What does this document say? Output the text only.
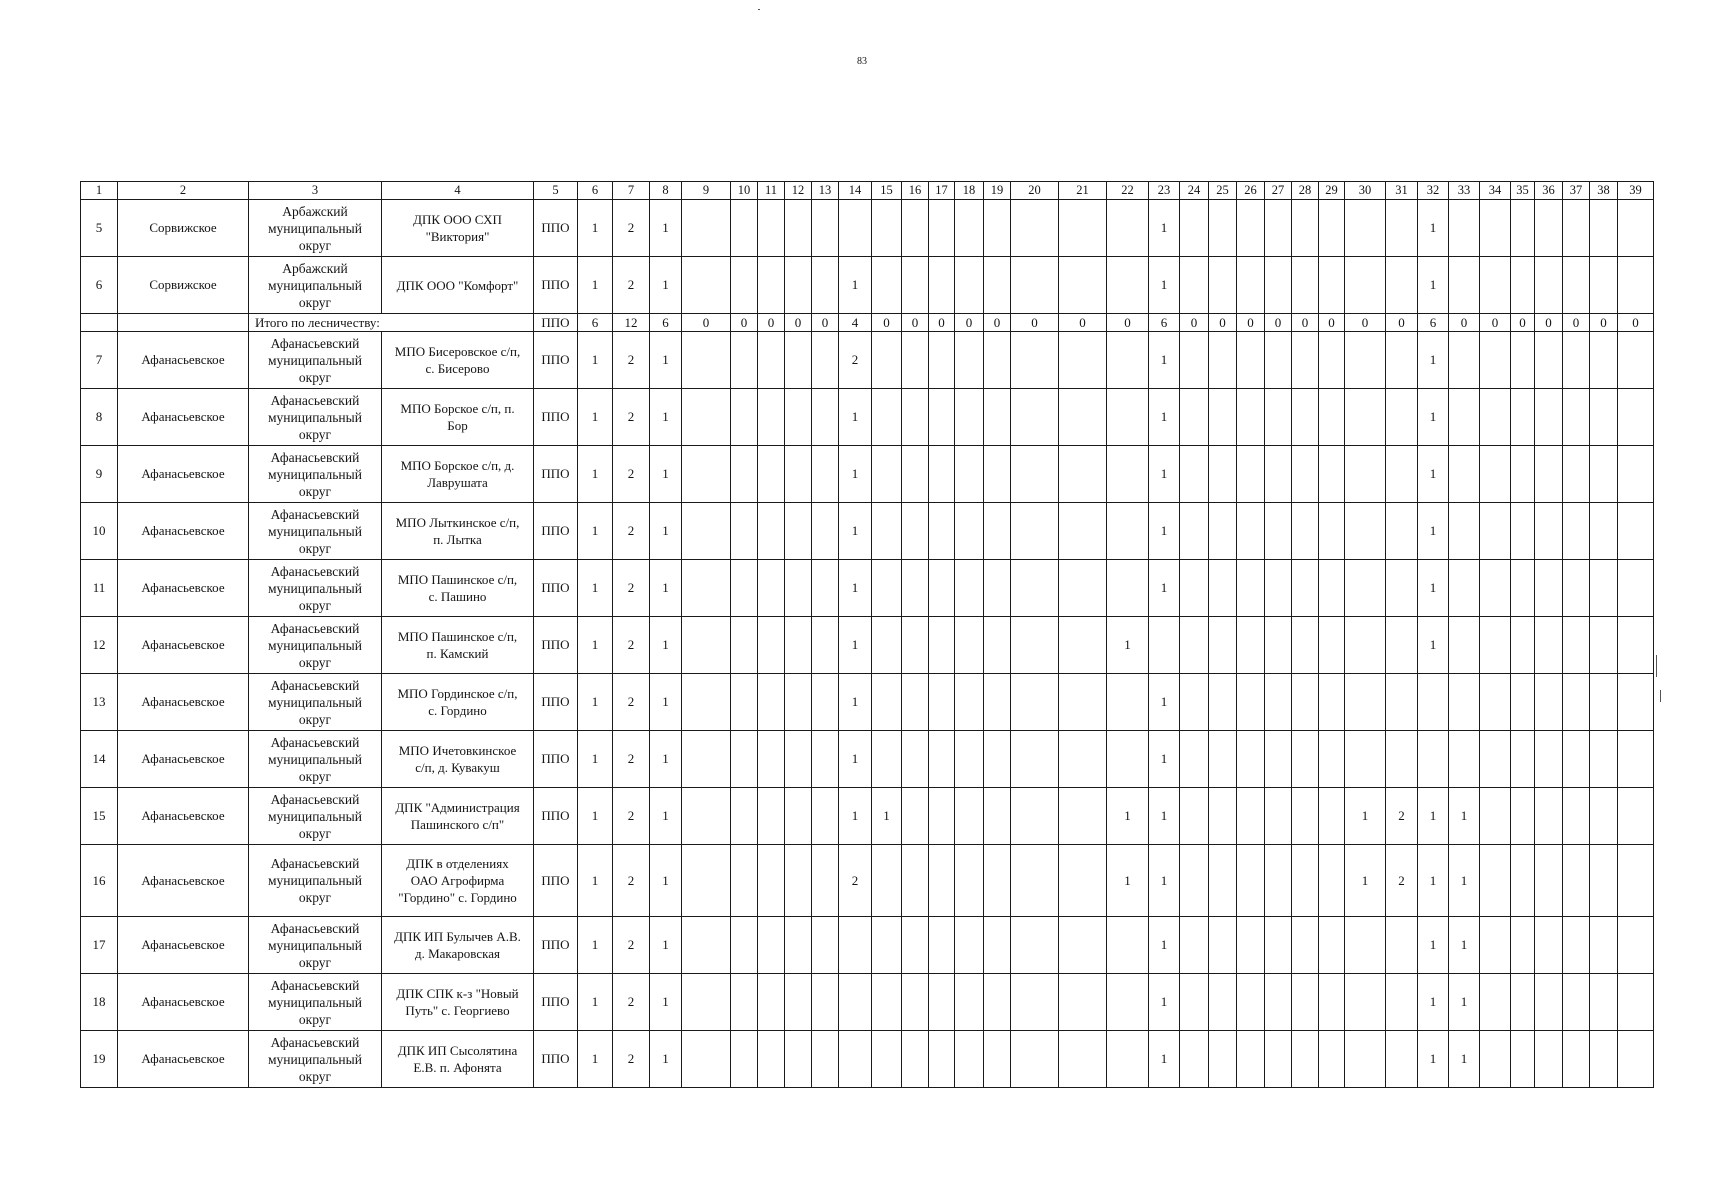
83
1	2	3	4	5	6	7	8	9	10	11	12	13	14	15	16	17	18	19	20	21	22	23	24	25	26	27	28	29	30	31	32	33	34	35	36	37	38	39
5	Сорвижское	Арбажский
муниципальный
округ	ДПК ООО СХП
"Виктория"	ППО	1	2	1															1									1							
6	Сорвижское	Арбажский
муниципальный
округ	ДПК ООО "Комфорт"	ППО	1	2	1						1									1									1							
		Итого по лесничеству:		ППО	6	12	6	0	0	0	0	0	4	0	0	0	0	0	0	0	0	6	0	0	0	0	0	0	0	0	6	0	0	0	0	0	0	0
7	Афанасьевское	Афанасьевский
муниципальный
округ	МПО Бисеровское с/п,
с. Бисерово	ППО	1	2	1						2									1									1							
8	Афанасьевское	Афанасьевский
муниципальный
округ	МПО Борское с/п, п.
Бор	ППО	1	2	1						1									1									1							
9	Афанасьевское	Афанасьевский
муниципальный
округ	МПО Борское с/п, д.
Лаврушата	ППО	1	2	1						1									1									1							
10	Афанасьевское	Афанасьевский
муниципальный
округ	МПО Лыткинское с/п,
п. Лытка	ППО	1	2	1						1									1									1							
11	Афанасьевское	Афанасьевский
муниципальный
округ	МПО Пашинское с/п,
с. Пашино	ППО	1	2	1						1									1									1							
12	Афанасьевское	Афанасьевский
муниципальный
округ	МПО Пашинское с/п,
п. Камский	ППО	1	2	1						1								1										1							
13	Афанасьевское	Афанасьевский
муниципальный
округ	МПО Гординское с/п,
с. Гордино	ППО	1	2	1						1									1																
14	Афанасьевское	Афанасьевский
муниципальный
округ	МПО Ичетовкинское
с/п, д. Кувакуш	ППО	1	2	1						1									1																
15	Афанасьевское	Афанасьевский
муниципальный
округ	ДПК "Администрация
Пашинского с/п"	ППО	1	2	1						1	1							1	1							1	2	1	1						
16	Афанасьевское	Афанасьевский
муниципальный
округ	ДПК в отделениях
ОАО Агрофирма
"Гордино" с. Гордино	ППО	1	2	1						2								1	1							1	2	1	1						
17	Афанасьевское	Афанасьевский
муниципальный
округ	ДПК ИП Булычев А.В.
д. Макаровская	ППО	1	2	1															1									1	1						
18	Афанасьевское	Афанасьевский
муниципальный
округ	ДПК СПК к-з "Новый
Путь" с. Георгиево	ППО	1	2	1															1									1	1						
19	Афанасьевское	Афанасьевский
муниципальный
округ	ДПК ИП Сысолятина
Е.В. п. Афонята	ППО	1	2	1															1									1	1						
